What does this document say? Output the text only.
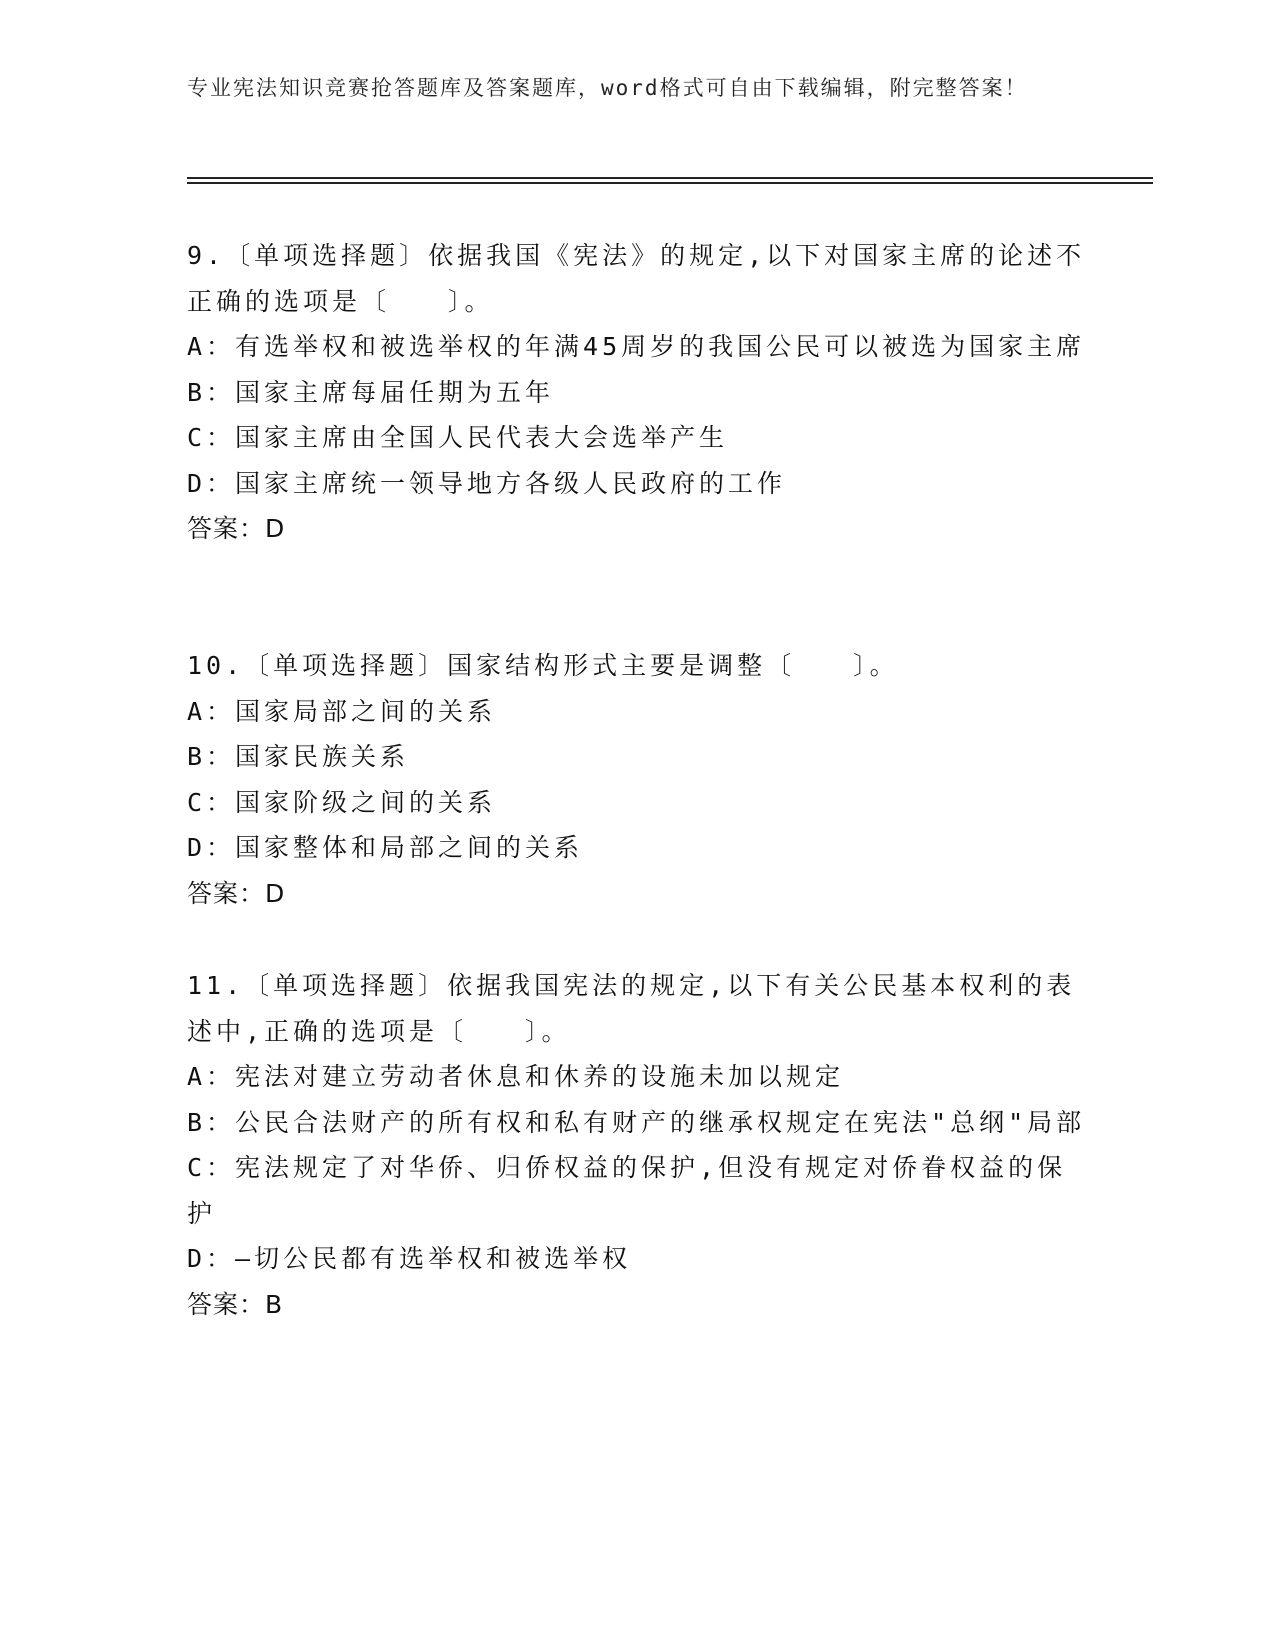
专业宪法知识竞赛抢答题库及答案题库，word格式可自由下载编辑，附完整答案！

9.〔单项选择题〕依据我国《宪法》的规定,以下对国家主席的论述不正确的选项是〔　　〕。

A：有选举权和被选举权的年满45周岁的我国公民可以被选为国家主席

B：国家主席每届任期为五年

C：国家主席由全国人民代表大会选举产生

D：国家主席统一领导地方各级人民政府的工作

答案：D

10.〔单项选择题〕国家结构形式主要是调整〔　　〕。

A：国家局部之间的关系

B：国家民族关系

C：国家阶级之间的关系

D：国家整体和局部之间的关系

答案：D

11.〔单项选择题〕依据我国宪法的规定,以下有关公民基本权利的表述中,正确的选项是〔　　〕。

A：宪法对建立劳动者休息和休养的设施未加以规定

B：公民合法财产的所有权和私有财产的继承权规定在宪法"总纲"局部

C：宪法规定了对华侨、归侨权益的保护,但没有规定对侨眷权益的保护

D：—切公民都有选举权和被选举权

答案：B
